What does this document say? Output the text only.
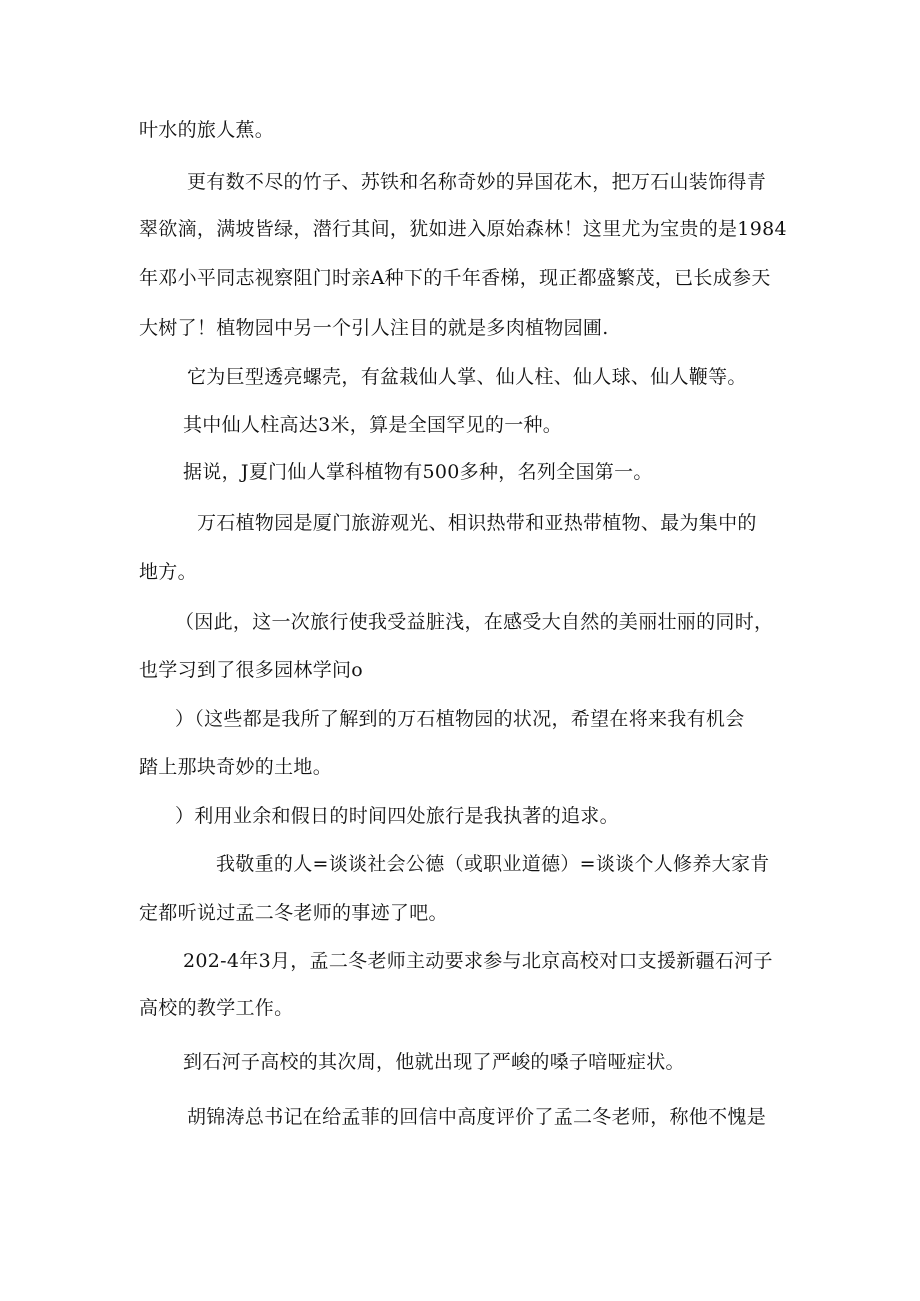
叶水的旅人蕉。
更有数不尽的竹子、苏铁和名称奇妙的异国花木，把万石山装饰得青
翠欲滴，满坡皆绿，潜行其间，犹如进入原始森林！这里尤为宝贵的是1984
年邓小平同志视察阻门时亲A种下的千年香梯，现正都盛繁茂，已长成参天
大树了！植物园中另一个引人注目的就是多肉植物园圃.
它为巨型透亮螺壳，有盆栽仙人掌、仙人柱、仙人球、仙人鞭等。
其中仙人柱高达3米，算是全国罕见的一种。
据说，J夏门仙人掌科植物有500多种，名列全国第一。
万石植物园是厦门旅游观光、相识热带和亚热带植物、最为集中的
地方。
（因此，这一次旅行使我受益脏浅，在感受大自然的美丽壮丽的同时，
也学习到了很多园林学问o
）（这些都是我所了解到的万石植物园的状况，希望在将来我有机会
踏上那块奇妙的土地。
）利用业余和假日的时间四处旅行是我执著的追求。
我敬重的人=谈谈社会公德（或职业道德）=谈谈个人修养大家肯
定都听说过孟二冬老师的事迹了吧。
202-4年3月，孟二冬老师主动要求参与北京高校对口支援新疆石河子
高校的教学工作。
到石河子高校的其次周，他就出现了严峻的嗓子喑哑症状。
胡锦涛总书记在给孟菲的回信中高度评价了孟二冬老师，称他不愧是
